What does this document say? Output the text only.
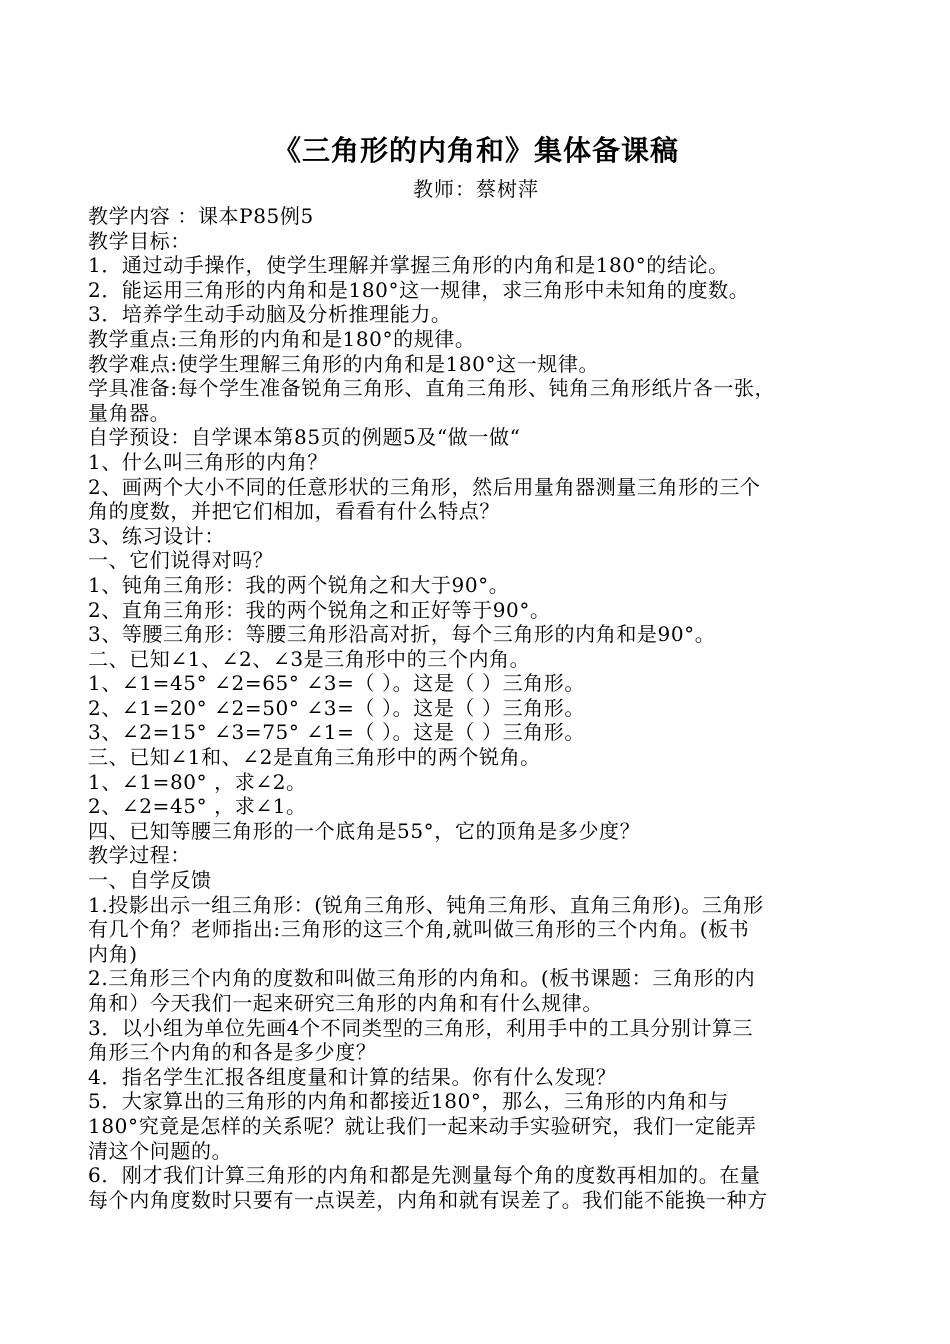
《三角形的内角和》集体备课稿

教师：蔡树萍

教学内容 ：课本P85例5

教学目标：

1．通过动手操作，使学生理解并掌握三角形的内角和是180°的结论。

2．能运用三角形的内角和是180°这一规律，求三角形中未知角的度数。

3．培养学生动手动脑及分析推理能力。

教学重点:三角形的内角和是180°的规律。

教学难点:使学生理解三角形的内角和是180°这一规律。

学具准备:每个学生准备锐角三角形、直角三角形、钝角三角形纸片各一张，

量角器。

自学预设：自学课本第85页的例题5及“做一做“

1、什么叫三角形的内角？

2、画两个大小不同的任意形状的三角形，然后用量角器测量三角形的三个

角的度数，并把它们相加，看看有什么特点？

3、练习设计：

一、它们说得对吗？

1、钝角三角形：我的两个锐角之和大于90°。

2、直角三角形：我的两个锐角之和正好等于90°。

3、等腰三角形：等腰三角形沿高对折，每个三角形的内角和是90°。

二、已知∠1、∠2、∠3是三角形中的三个内角。

1、∠1=45° ∠2=65° ∠3=（ ）。这是（ ）三角形。

2、∠1=20° ∠2=50° ∠3=（ ）。这是（ ）三角形。

3、∠2=15° ∠3=75° ∠1=（ ）。这是（ ）三角形。

三、已知∠1和、∠2是直角三角形中的两个锐角。

1、∠1=80° ，求∠2。

2、∠2=45° ，求∠1。

四、已知等腰三角形的一个底角是55°，它的顶角是多少度？

教学过程：

一、自学反馈

1.投影出示一组三角形：(锐角三角形、钝角三角形、直角三角形)。三角形

有几个角？老师指出:三角形的这三个角,就叫做三角形的三个内角。(板书

内角)

2.三角形三个内角的度数和叫做三角形的内角和。(板书课题：三角形的内

角和）今天我们一起来研究三角形的内角和有什么规律。

3．以小组为单位先画4个不同类型的三角形，利用手中的工具分别计算三

角形三个内角的和各是多少度？

4．指名学生汇报各组度量和计算的结果。你有什么发现？

5．大家算出的三角形的内角和都接近180°，那么，三角形的内角和与

180°究竟是怎样的关系呢？就让我们一起来动手实验研究，我们一定能弄

清这个问题的。

6．刚才我们计算三角形的内角和都是先测量每个角的度数再相加的。在量

每个内角度数时只要有一点误差，内角和就有误差了。我们能不能换一种方
